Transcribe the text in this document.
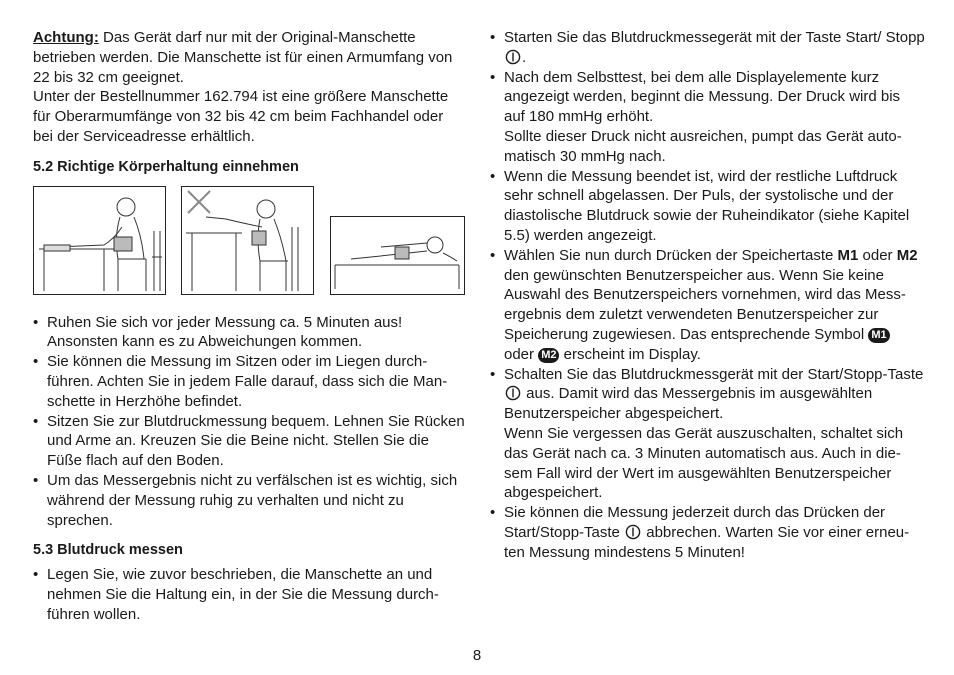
Achtung: Das Gerät darf nur mit der Original-Manschette betrieben werden. Die Manschette ist für einen Armumfang von 22 bis 32 cm geeignet.

Unter der Bestellnummer 162.794 ist eine größere Manschette für Oberarmumfänge von 32 bis 42 cm beim Fachhandel oder bei der Serviceadresse erhältlich.

5.2 Richtige Körperhaltung einnehmen
• Ruhen Sie sich vor jeder Messung ca. 5 Minuten aus! Ansonsten kann es zu Abweichungen kommen.
• Sie können die Messung im Sitzen oder im Liegen durch-führen. Achten Sie in jedem Falle darauf, dass sich die Man-schette in Herzhöhe befindet.
• Sitzen Sie zur Blutdruckmessung bequem. Lehnen Sie Rücken und Arme an. Kreuzen Sie die Beine nicht. Stellen Sie die Füße flach auf den Boden.
• Um das Messergebnis nicht zu verfälschen ist es wichtig, sich während der Messung ruhig zu verhalten und nicht zu sprechen.
5.3 Blutdruck messen
• Legen Sie, wie zuvor beschrieben, die Manschette an und nehmen Sie die Haltung ein, in der Sie die Messung durch-führen wollen.
• Starten Sie das Blutdruckmessegerät mit der Taste Start/ Stopp .

• Nach dem Selbsttest, bei dem alle Displayelemente kurz angezeigt werden, beginnt die Messung. Der Druck wird bis auf 180 mmHg erhöht.

Sollte dieser Druck nicht ausreichen, pumpt das Gerät auto-matisch 30 mmHg nach.

• Wenn die Messung beendet ist, wird der restliche Luftdruck sehr schnell abgelassen. Der Puls, der systolische und der diastolische Blutdruck sowie der Ruheindikator (siehe Kapitel 5.5) werden angezeigt.
• Wählen Sie nun durch Drücken der Speichertaste M1 oder M2 den gewünschten Benutzerspeicher aus. Wenn Sie keine Auswahl des Benutzerspeichers vornehmen, wird das Mess-ergebnis dem zuletzt verwendeten Benutzerspeicher zur Speicherung zugewiesen. Das entsprechende Symbol M1
oder M2 erscheint im Display.

• Schalten Sie das Blutdruckmessgerät mit der Start/Stopp-Taste  aus. Damit wird das Messergebnis im ausgewählten Benutzerspeicher abgespeichert.

Wenn Sie vergessen das Gerät auszuschalten, schaltet sich das Gerät nach ca. 3 Minuten automatisch aus. Auch in die-sem Fall wird der Wert im ausgewählten Benutzerspeicher abgespeichert.

• Sie können die Messung jederzeit durch das Drücken der Start/Stopp-Taste  abbrechen. Warten Sie vor einer erneu-ten Messung mindestens 5 Minuten!
8
